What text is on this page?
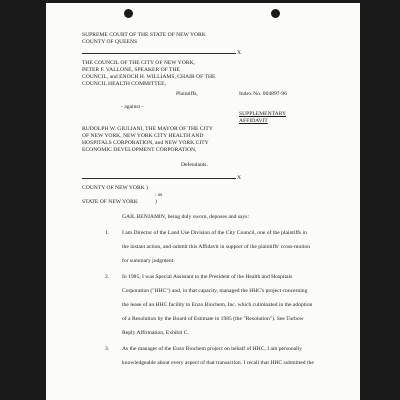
SUPREME COURT OF THE STATE OF NEW YORK
COUNTY OF QUEENS
X
THE COUNCIL OF THE CITY OF NEW YORK,
PETER F. VALLONE, SPEAKER OF THE
COUNCIL, and ENOCH H. WILLIAMS, CHAIR OF THE
COUNCIL HEALTH COMMITTEE,
Plaintiffs,	Index No. 004897-96
- against -
SUPPLEMENTARY
AFFIDAVIT
RUDOLPH W. GIULIANI, THE MAYOR OF THE CITY
OF NEW YORK, NEW YORK CITY HEALTH AND
HOSPITALS CORPORATION, and NEW YORK CITY
ECONOMIC DEVELOPMENT CORPORATION,
Defendants.
X
COUNTY OF NEW YORK )
: ss
STATE OF NEW YORK	)
GAIL BENJAMIN, being duly sworn, deposes and says:
1. I am Director of the Land Use Division of the City Council, one of the plaintiffs in
the instant action, and submit this Affidavit in support of the plaintiffs' cross-motion
for summary judgment.
2. In 1985, I was Special Assistant to the President of the Health and Hospitals
Corporation ("HHC") and, in that capacity, managed the HHC's project concerning
the lease of an HHC facility to Enzo Biochem, Inc. which culminated in the adoption
of a Resolution by the Board of Estimate in 1985 (the "Resolution"). See Turbow
Reply Affirmation, Exhibit C.
3. As the manager of the Enzo Biochem project on behalf of HHC, I am personally
knowledgeable about every aspect of that transaction. I recall that HHC submitted the
